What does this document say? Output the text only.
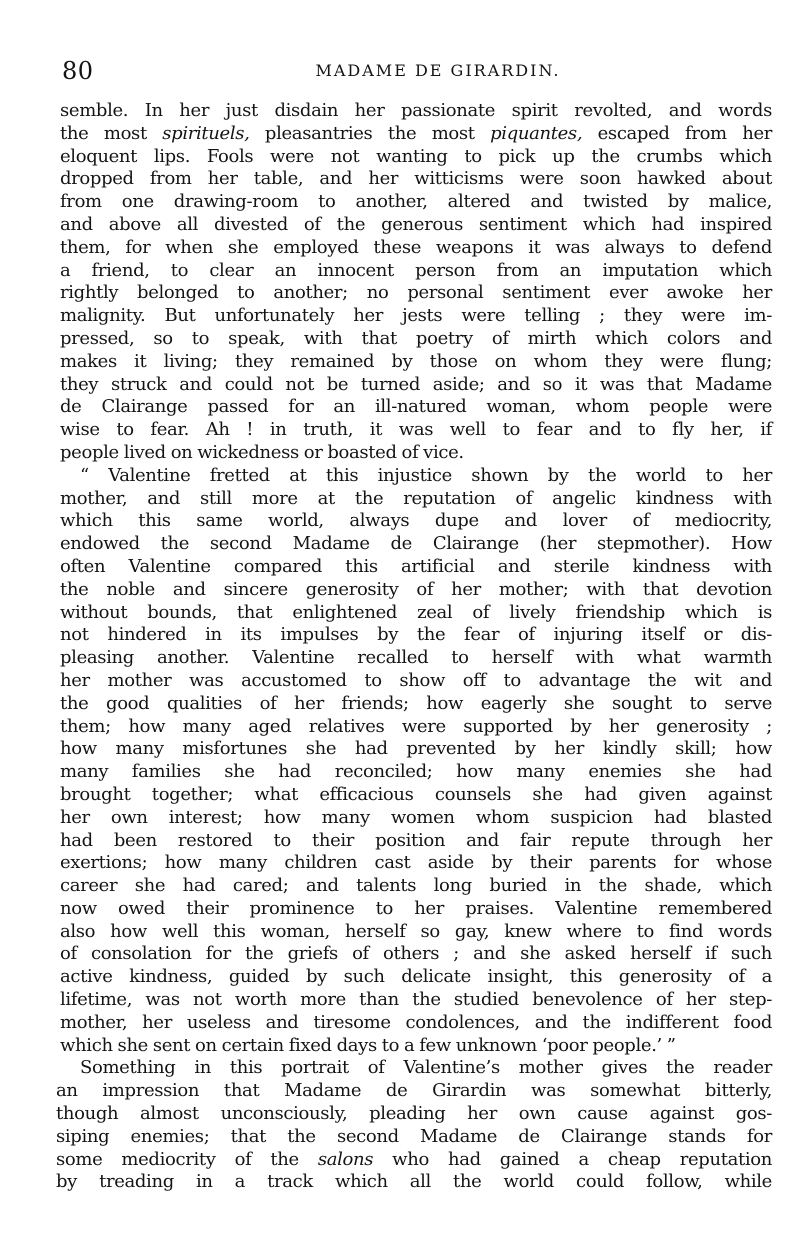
80	MADAME DE GIRARDIN.
semble. In her just disdain her passionate spirit revolted, and words
the most spirituels, pleasantries the most piquantes, escaped from her
eloquent lips. Fools were not wanting to pick up the crumbs which
dropped from her table, and her witticisms were soon hawked about
from one drawing-room to another, altered and twisted by malice,
and above all divested of the generous sentiment which had inspired
them, for when she employed these weapons it was always to defend
a friend, to clear an innocent person from an imputation which
rightly belonged to another; no personal sentiment ever awoke her
malignity. But unfortunately her jests were telling ; they were im-
pressed, so to speak, with that poetry of mirth which colors and
makes it living; they remained by those on whom they were flung;
they struck and could not be turned aside; and so it was that Madame
de Clairange passed for an ill-natured woman, whom people were
wise to fear. Ah ! in truth, it was well to fear and to fly her, if
people lived on wickedness or boasted of vice.
“ Valentine fretted at this injustice shown by the world to her
mother, and still more at the reputation of angelic kindness with
which this same world, always dupe and lover of mediocrity,
endowed the second Madame de Clairange (her stepmother). How
often Valentine compared this artificial and sterile kindness with
the noble and sincere generosity of her mother; with that devotion
without bounds, that enlightened zeal of lively friendship which is
not hindered in its impulses by the fear of injuring itself or dis-
pleasing another. Valentine recalled to herself with what warmth
her mother was accustomed to show off to advantage the wit and
the good qualities of her friends; how eagerly she sought to serve
them; how many aged relatives were supported by her generosity ;
how many misfortunes she had prevented by her kindly skill; how
many families she had reconciled; how many enemies she had
brought together; what efficacious counsels she had given against
her own interest; how many women whom suspicion had blasted
had been restored to their position and fair repute through her
exertions; how many children cast aside by their parents for whose
career she had cared; and talents long buried in the shade, which
now owed their prominence to her praises. Valentine remembered
also how well this woman, herself so gay, knew where to find words
of consolation for the griefs of others ; and she asked herself if such
active kindness, guided by such delicate insight, this generosity of a
lifetime, was not worth more than the studied benevolence of her step-
mother, her useless and tiresome condolences, and the indifferent food
which she sent on certain fixed days to a few unknown ‘poor people.’ ”
Something in this portrait of Valentine’s mother gives the reader
an impression that Madame de Girardin was somewhat bitterly,
though almost unconsciously, pleading her own cause against gos-
siping enemies; that the second Madame de Clairange stands for
some mediocrity of the salons who had gained a cheap reputation
by treading in a track which all the world could follow, while
